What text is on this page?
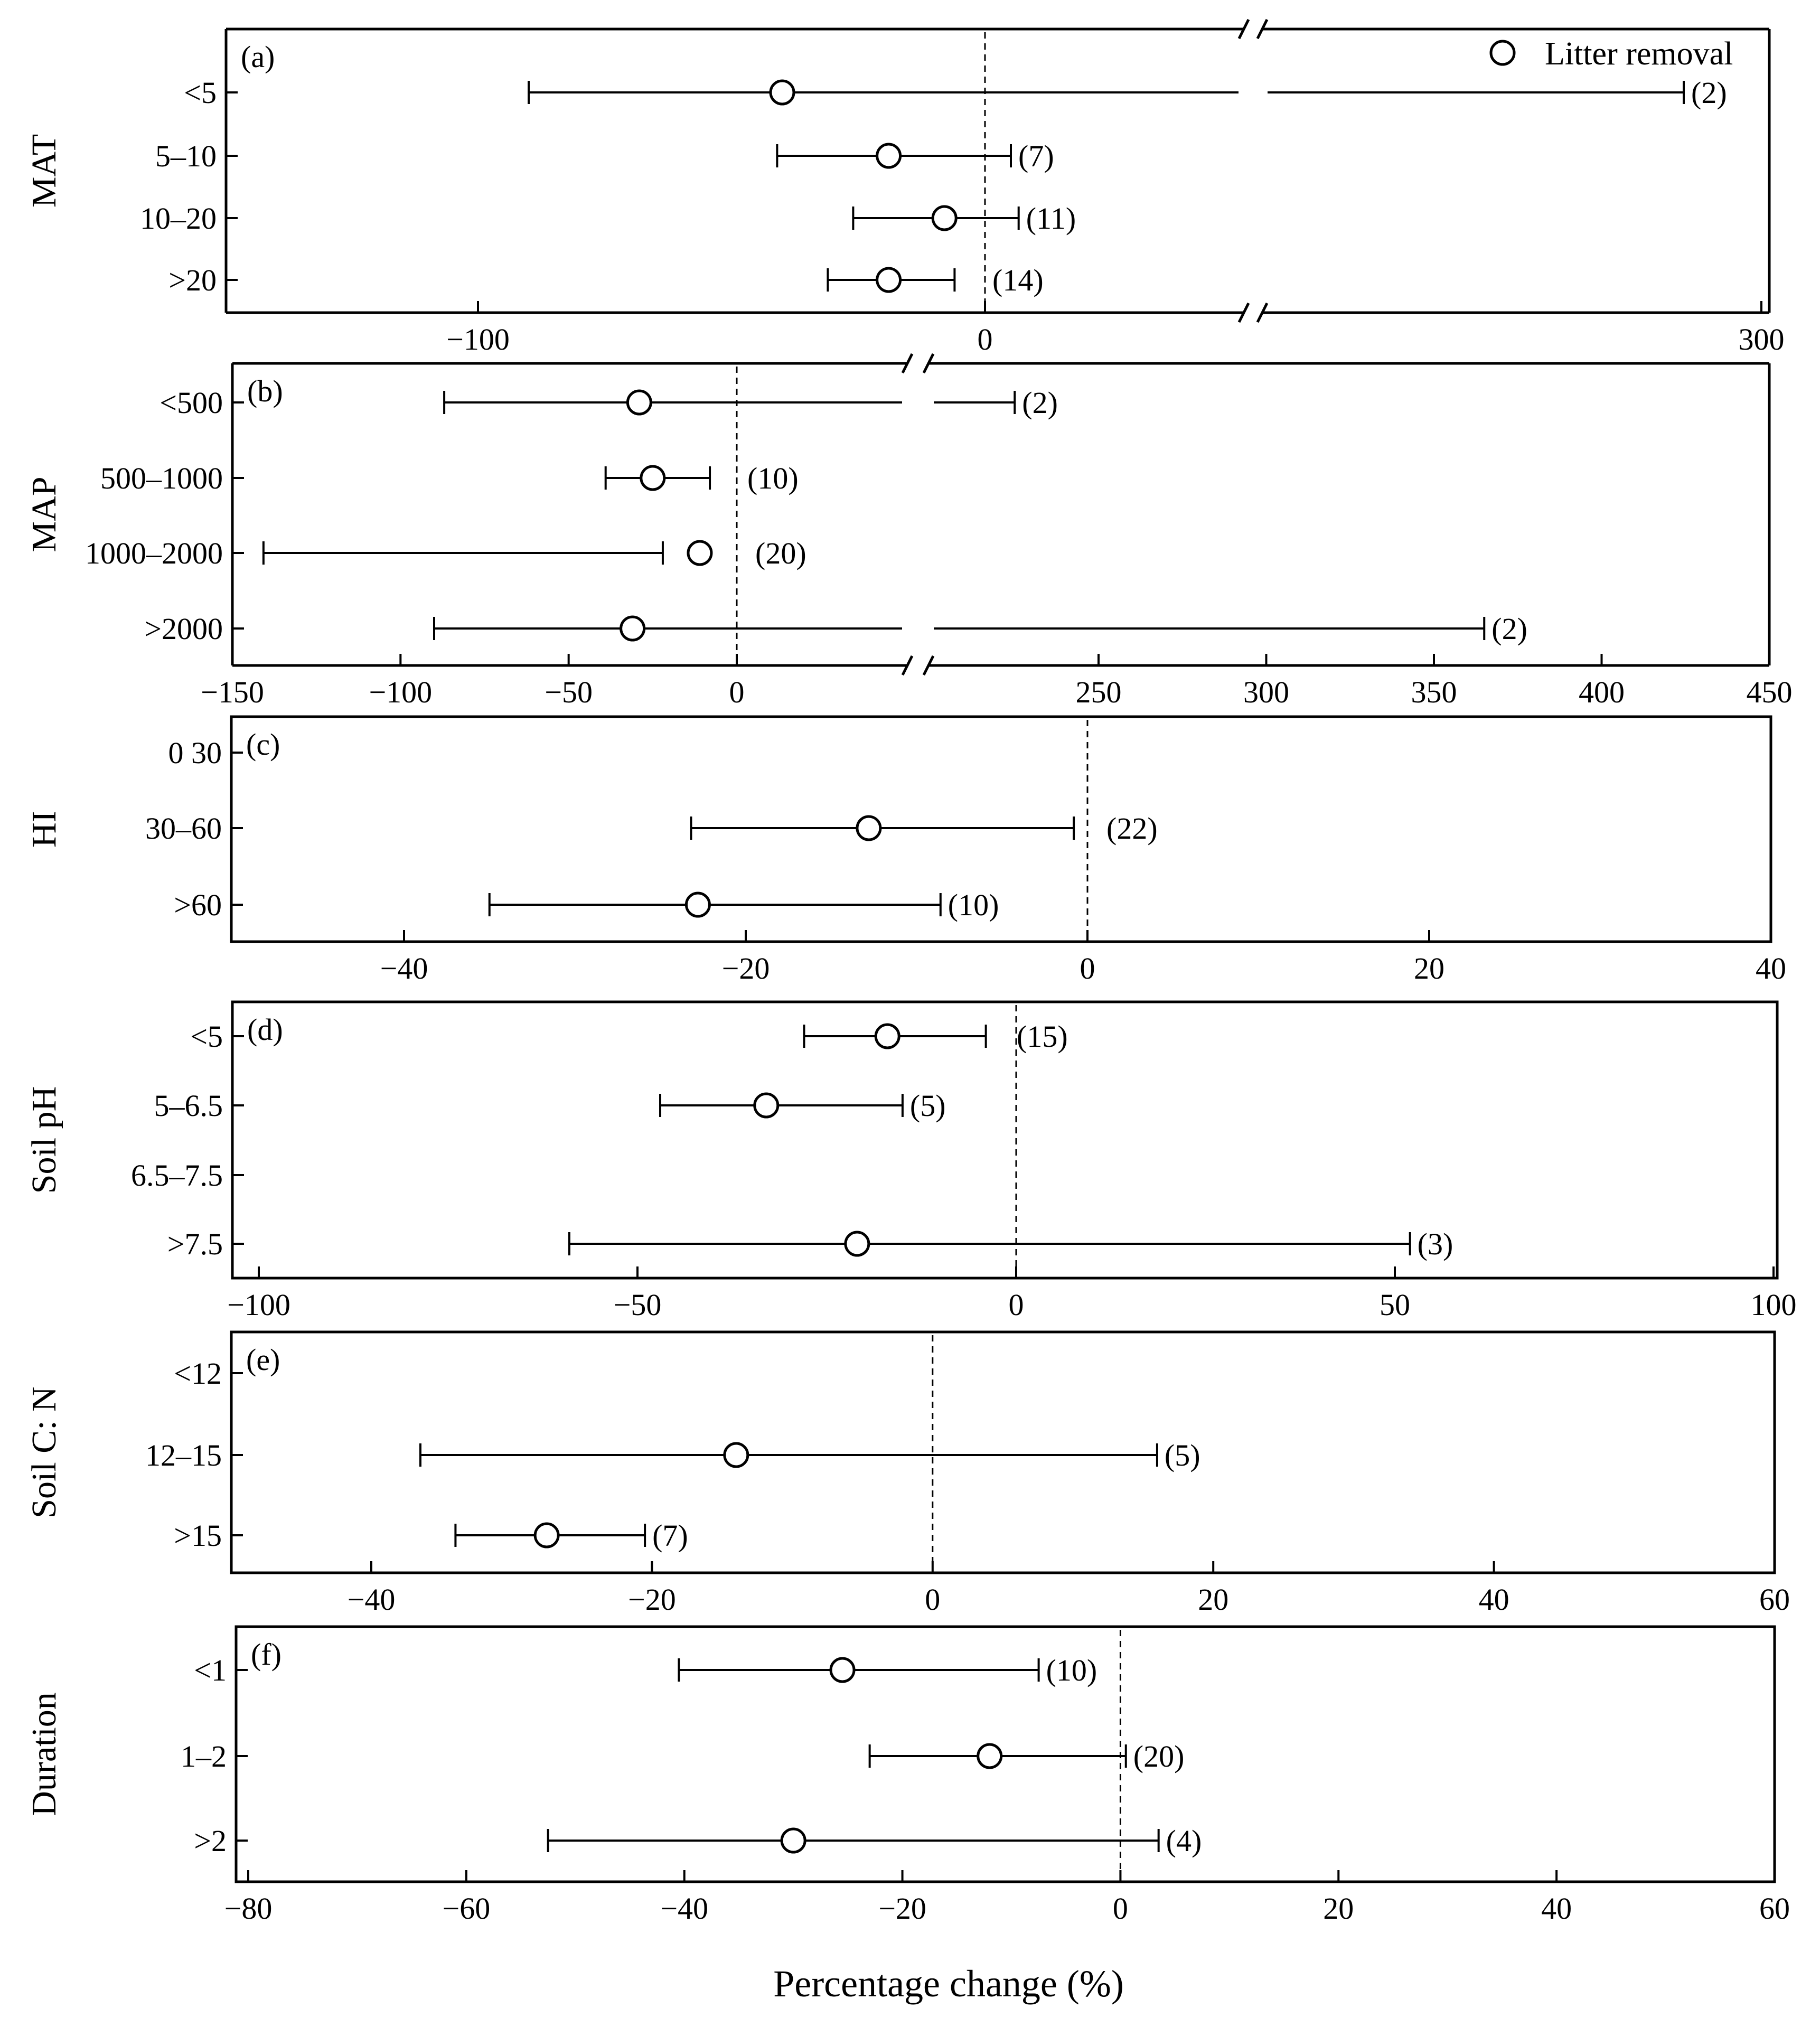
−100	0	300
(a)
MAT
<5	(2)
5–10	(7)
10–20	(11)
>20	(14)
−150	−100	−50	0	250	300	350	400	450
(b)
MAP
<500	(2)
500–1000	(10)
1000–2000	(20)
>2000	(2)
−40	−20	0	20	40
(c)
HI
0 30
30–60	(22)
>60	(10)
−100	−50	0	50	100
(d)
Soil pH
<5	(15)
5–6.5	(5)
6.5–7.5
>7.5	(3)
−40	−20	0	20	40	60
(e)
Soil C: N
<12
12–15	(5)
>15	(7)
−80	−60	−40	−20	0	20	40	60
(f)
Duration
<1	(10)
1–2	(20)
>2	(4)
Litter removal
Percentage change (%)
